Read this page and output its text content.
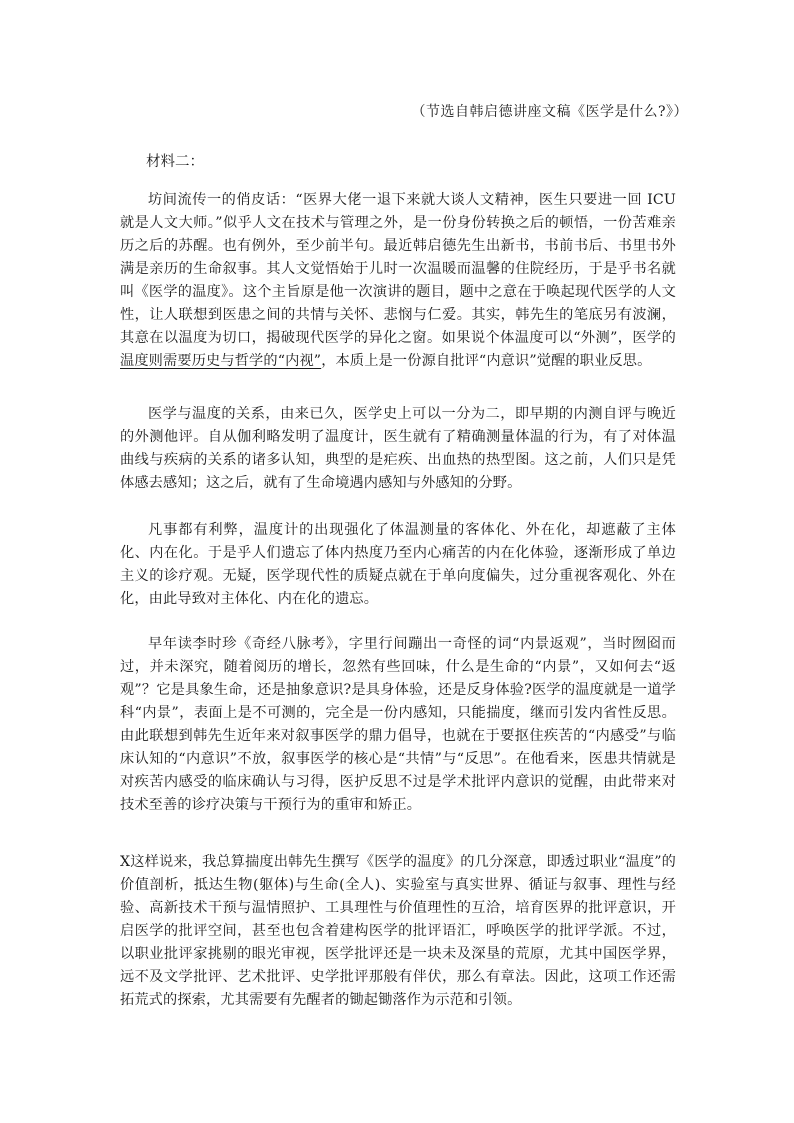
（节选自韩启德讲座文稿《医学是什么?》）
材料二：
坊间流传一的俏皮话：“医界大佬一退下来就大谈人文精神，医生只要进一回 ICU 就是人文大师。”似乎人文在技术与管理之外，是一份身份转换之后的顿悟，一份苦难亲历之后的苏醒。也有例外，至少前半句。最近韩启德先生出新书，书前书后、书里书外满是亲历的生命叙事。其人文觉悟始于儿时一次温暖而温馨的住院经历，于是乎书名就叫《医学的温度》。这个主旨原是他一次演讲的题目，题中之意在于唤起现代医学的人文性，让人联想到医患之间的共情与关怀、悲悯与仁爱。其实，韩先生的笔底另有波澜，其意在以温度为切口，揭破现代医学的异化之窗。如果说个体温度可以“外测”，医学的温度则需要历史与哲学的“内视”，本质上是一份源自批评“内意识”觉醒的职业反思。
医学与温度的关系，由来已久，医学史上可以一分为二，即早期的内测自评与晚近的外测他评。自从伽利略发明了温度计，医生就有了精确测量体温的行为，有了对体温曲线与疾病的关系的诸多认知，典型的是疟疾、出血热的热型图。这之前，人们只是凭体感去感知；这之后，就有了生命境遇内感知与外感知的分野。
凡事都有利弊，温度计的出现强化了体温测量的客体化、外在化，却遮蔽了主体化、内在化。于是乎人们遗忘了体内热度乃至内心痛苦的内在化体验，逐渐形成了单边主义的诊疗观。无疑，医学现代性的质疑点就在于单向度偏失，过分重视客观化、外在化，由此导致对主体化、内在化的遗忘。
早年读李时珍《奇经八脉考》，字里行间蹦出一奇怪的词“内景返观”，当时囫囵而过，并未深究，随着阅历的增长，忽然有些回味，什么是生命的“内景”，又如何去“返观”？它是具象生命，还是抽象意识?是具身体验，还是反身体验?医学的温度就是一道学科“内景”，表面上是不可测的，完全是一份内感知，只能揣度，继而引发内省性反思。由此联想到韩先生近年来对叙事医学的鼎力倡导，也就在于要抠住疾苦的“内感受”与临床认知的“内意识”不放，叙事医学的核心是“共情”与“反思”。在他看来，医患共情就是对疾苦内感受的临床确认与习得，医护反思不过是学术批评内意识的觉醒，由此带来对技术至善的诊疗决策与干预行为的重审和矫正。
Ⅹ这样说来，我总算揣度出韩先生撰写《医学的温度》的几分深意，即透过职业“温度”的价值剖析，抵达生物(躯体)与生命(全人)、实验室与真实世界、循证与叙事、理性与经验、高新技术干预与温情照护、工具理性与价值理性的互洽，培育医界的批评意识，开启医学的批评空间，甚至也包含着建构医学的批评语汇，呼唤医学的批评学派。不过，以职业批评家挑剔的眼光审视，医学批评还是一块未及深垦的荒原，尤其中国医学界，远不及文学批评、艺术批评、史学批评那般有伴伏，那么有章法。因此，这项工作还需拓荒式的探索，尤其需要有先醒者的锄起锄落作为示范和引领。
